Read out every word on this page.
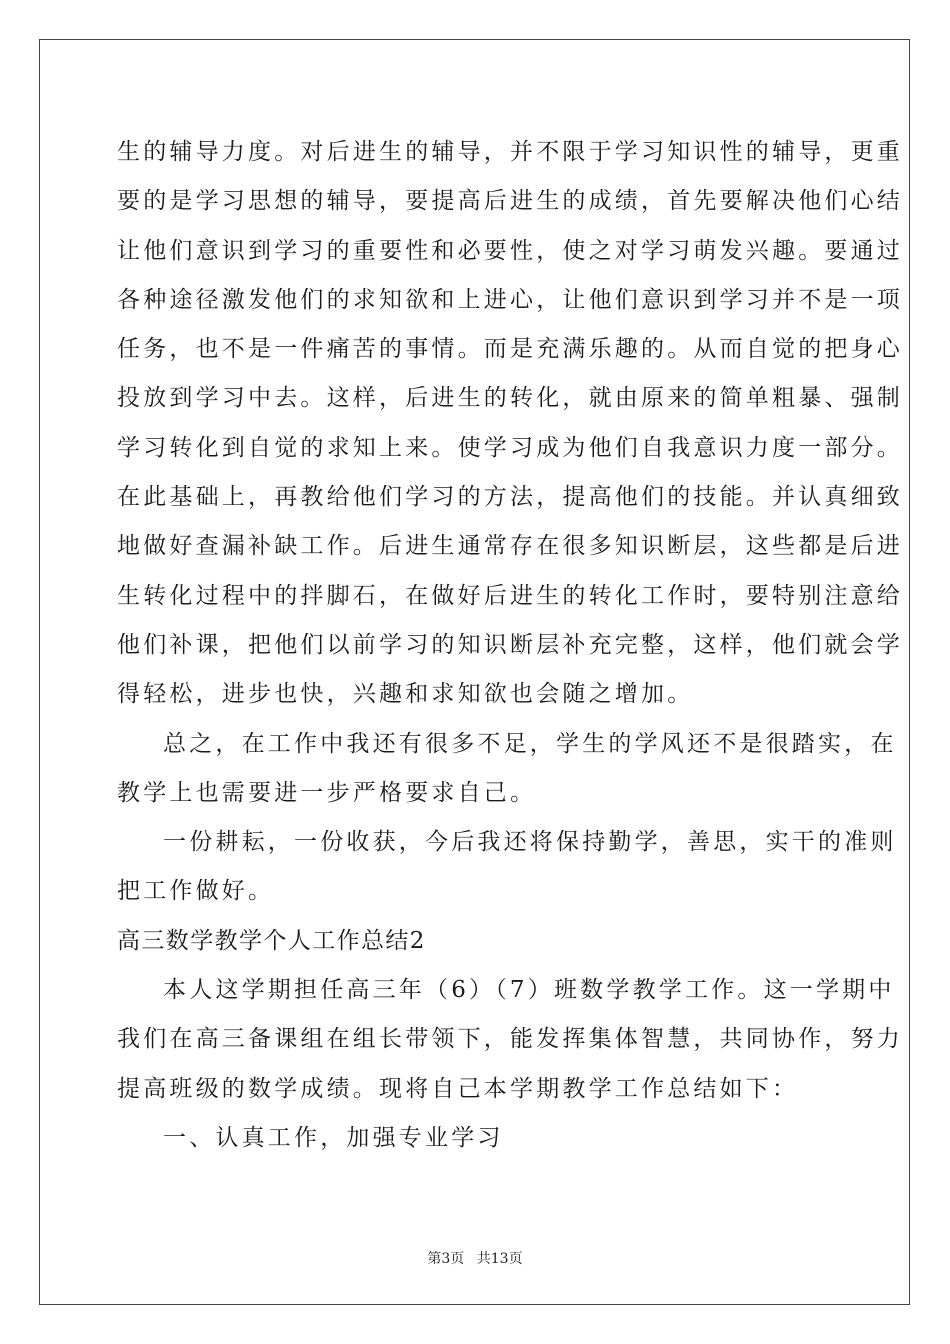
生的辅导力度。对后进生的辅导，并不限于学习知识性的辅导，更重
要的是学习思想的辅导，要提高后进生的成绩，首先要解决他们心结
让他们意识到学习的重要性和必要性，使之对学习萌发兴趣。要通过
各种途径激发他们的求知欲和上进心，让他们意识到学习并不是一项
任务，也不是一件痛苦的事情。而是充满乐趣的。从而自觉的把身心
投放到学习中去。这样，后进生的转化，就由原来的简单粗暴、强制
学习转化到自觉的求知上来。使学习成为他们自我意识力度一部分。
在此基础上，再教给他们学习的方法，提高他们的技能。并认真细致
地做好查漏补缺工作。后进生通常存在很多知识断层，这些都是后进
生转化过程中的拌脚石，在做好后进生的转化工作时，要特别注意给
他们补课，把他们以前学习的知识断层补充完整，这样，他们就会学
得轻松，进步也快，兴趣和求知欲也会随之增加。
总之，在工作中我还有很多不足，学生的学风还不是很踏实，在
教学上也需要进一步严格要求自己。
一份耕耘，一份收获，今后我还将保持勤学，善思，实干的准则
把工作做好。
高三数学教学个人工作总结2
本人这学期担任高三年（6）（7）班数学教学工作。这一学期中
我们在高三备课组在组长带领下，能发挥集体智慧，共同协作，努力
提高班级的数学成绩。现将自己本学期教学工作总结如下：
一、认真工作，加强专业学习
第3页 共13页
